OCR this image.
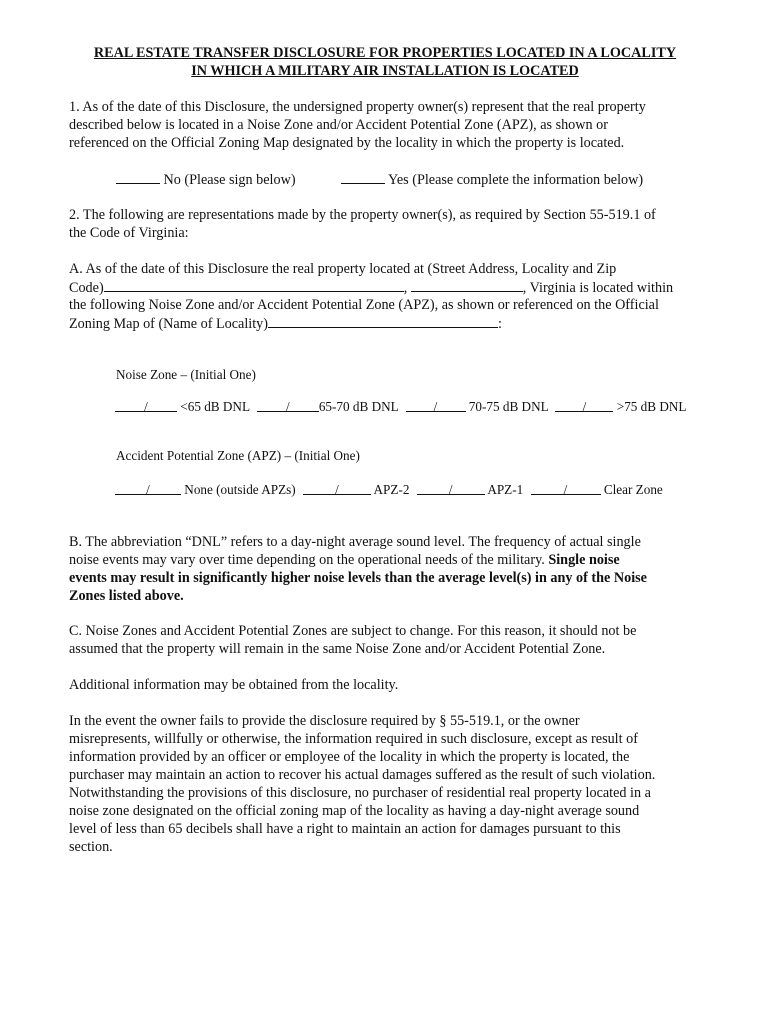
REAL ESTATE TRANSFER DISCLOSURE FOR PROPERTIES LOCATED IN A LOCALITY
IN WHICH A MILITARY AIR INSTALLATION IS LOCATED
1. As of the date of this Disclosure, the undersigned property owner(s) represent that the real property
described below is located in a Noise Zone and/or Accident Potential Zone (APZ), as shown or
referenced on the Official Zoning Map designated by the locality in which the property is located.
No (Please sign below)	Yes (Please complete the information below)
2. The following are representations made by the property owner(s), as required by Section 55-519.1 of
the Code of Virginia:
A. As of the date of this Disclosure the real property located at (Street Address, Locality and Zip
Code)	,	, Virginia is located within
the following Noise Zone and/or Accident Potential Zone (APZ), as shown or referenced on the Official
Zoning Map of (Name of Locality)	:
Noise Zone – (Initial One)
/ <65 dB DNL	/ 65-70 dB DNL	/ 70-75 dB DNL	/ >75 dB DNL
Accident Potential Zone (APZ) – (Initial One)
/	None (outside APZs)	/	APZ-2	/	APZ-1	/	Clear Zone
B. The abbreviation “DNL” refers to a day-night average sound level. The frequency of actual single
noise events may vary over time depending on the operational needs of the military. Single noise
events may result in significantly higher noise levels than the average level(s) in any of the Noise
Zones listed above.
C. Noise Zones and Accident Potential Zones are subject to change. For this reason, it should not be
assumed that the property will remain in the same Noise Zone and/or Accident Potential Zone.
Additional information may be obtained from the locality.
In the event the owner fails to provide the disclosure required by § 55-519.1, or the owner
misrepresents, willfully or otherwise, the information required in such disclosure, except as result of
information provided by an officer or employee of the locality in which the property is located, the
purchaser may maintain an action to recover his actual damages suffered as the result of such violation.
Notwithstanding the provisions of this disclosure, no purchaser of residential real property located in a
noise zone designated on the official zoning map of the locality as having a day-night average sound
level of less than 65 decibels shall have a right to maintain an action for damages pursuant to this
section.
